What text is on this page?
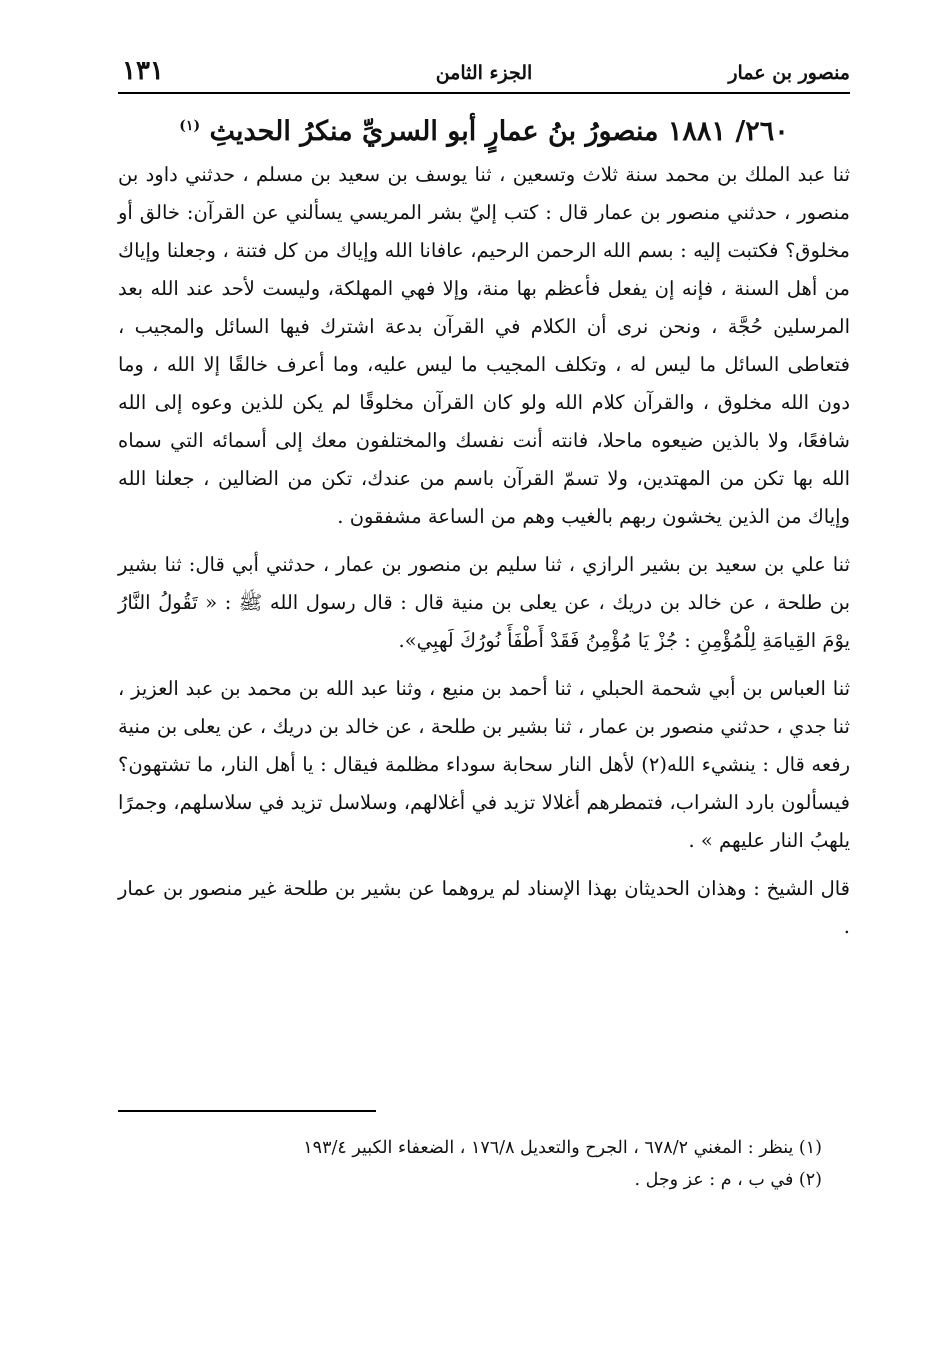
منصور بن عمار
الجزء الثامن
١٣١
٢٦٠/ ١٨٨١ منصورُ بنُ عمارٍ أبو السريِّ منكرُ الحديثِ $^{(١)}$

ثنا عبد الملك بن محمد سنة ثلاث وتسعين ، ثنا يوسف بن سعيد بن مسلم ، حدثني داود بن منصور ، حدثني منصور بن عمار قال : كتب إليّ بشر المريسي يسألني عن القرآن: خالق أو مخلوق؟ فكتبت إليه : بسم الله الرحمن الرحيم، عافانا الله وإياك من كل فتنة ، وجعلنا وإياك من أهل السنة ، فإنه إن يفعل فأعظم بها منة، وإلا فهي المهلكة، وليست لأحد عند الله بعد المرسلين حُجَّة ، ونحن نرى أن الكلام في القرآن بدعة اشترك فيها السائل والمجيب ، فتعاطى السائل ما ليس له ، وتكلف المجيب ما ليس عليه، وما أعرف خالقًا إلا الله ، وما دون الله مخلوق ، والقرآن كلام الله ولو كان القرآن مخلوقًا لم يكن للذين وعوه إلى الله شافعًا، ولا بالذين ضيعوه ماحلا، فانته أنت نفسك والمختلفون معك إلى أسمائه التي سماه الله بها تكن من المهتدين، ولا تسمّ القرآن باسم من عندك، تكن من الضالين ، جعلنا الله وإياك من الذين يخشون ربهم بالغيب وهم من الساعة مشفقون .

ثنا علي بن سعيد بن بشير الرازي ، ثنا سليم بن منصور بن عمار ، حدثني أبي قال: ثنا بشير بن طلحة ، عن خالد بن دريك ، عن يعلى بن منية قال : قال رسول الله ﷺ : « تَقُولُ النَّارُ يوْمَ القِيامَةِ لِلْمُؤْمِنِ : جُزْ يَا مُؤْمِنُ فَقَدْ أَطْفَأَ نُورُكَ لَهبِي».

ثنا العباس بن أبي شحمة الحبلي ، ثنا أحمد بن منيع ، وثنا عبد الله بن محمد بن عبد العزيز ، ثنا جدي ، حدثني منصور بن عمار ، ثنا بشير بن طلحة ، عن خالد بن دريك ، عن يعلى بن منية رفعه قال : ينشيء الله(٢) لأهل النار سحابة سوداء مظلمة فيقال : يا أهل النار، ما تشتهون؟ فيسألون بارد الشراب، فتمطرهم أغلالا تزيد في أغلالهم، وسلاسل تزيد في سلاسلهم، وجمرًا يلهبُ النار عليهم » .

قال الشيخ : وهذان الحديثان بهذا الإسناد لم يروهما عن بشير بن طلحة غير منصور بن عمار .

(١) ينظر : المغني ٦٧٨/٢ ، الجرح والتعديل ١٧٦/٨ ، الضعفاء الكبير ١٩٣/٤

(٢) في ب ، م : عز وجل .
